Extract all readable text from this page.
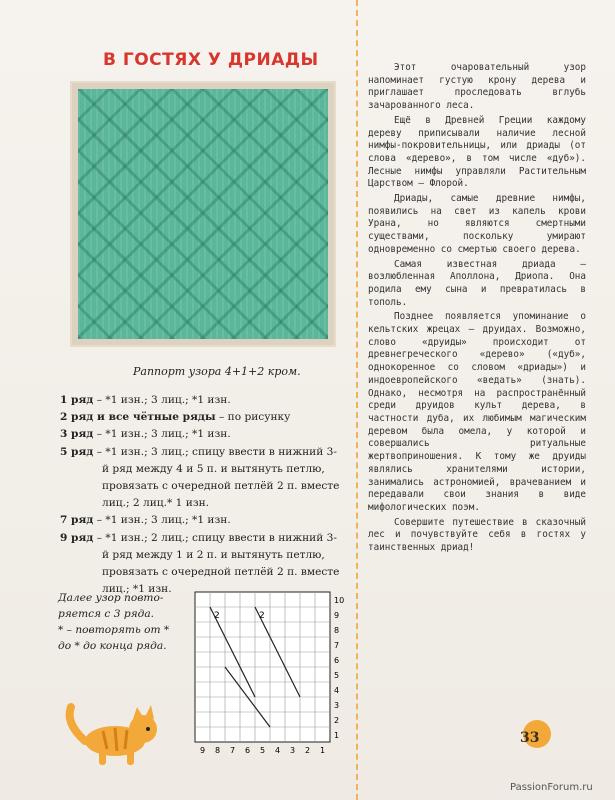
В ГОСТЯХ У ДРИАДЫ
Раппорт узора 4+1+2 кром.

1 ряд – *1 изн.; 3 лиц.; *1 изн.

2 ряд и все чётные ряды – по рисунку

3 ряд – *1 изн.; 3 лиц.; *1 изн.

5 ряд – *1 изн.; 3 лиц.; спицу ввести в нижний 3-й ряд между 4 и 5 п. и вытянуть петлю, провязать с очередной петлёй 2 п. вместе лиц.; 2 лиц.* 1 изн.

7 ряд – *1 изн.; 3 лиц.; *1 изн.

9 ряд – *1 изн.; 2 лиц.; спицу ввести в нижний 3-й ряд между 1 и 2 п. и вытянуть петлю, провязать с очередной петлёй 2 п. вместе лиц.; *1 изн.

Далее узор повто- ряется с 3 ряда.
* – повторять от *
до * до конца ряда.
10
9
8
7
6
5
4
3
2
1
9 8 7 6 5 4 3 2 1
2	2

Этот очаровательный узор напоминает густую крону дерева и приглашает проследовать вглубь зачарованного леса.

Ещё в Древней Греции каждому дереву приписывали наличие лесной нимфы-покровительницы, или дриады (от слова «дерево», в том числе «дуб»). Лесные нимфы управляли Растительным Царством – Флорой.

Дриады, самые древние нимфы, появились на свет из капель крови Урана, но являются смертными существами, поскольку умирают одновременно со смертью своего дерева.

Самая известная дриада – возлюбленная Аполлона, Дриопа. Она родила ему сына и превратилась в тополь.

Позднее появляется упоминание о кельтских жрецах – друидах. Возможно, слово «друиды» происходит от древнегреческого «дерево» («дуб», однокоренное со словом «дриады») и индоевропейского «ведать» (знать). Однако, несмотря на распространённый среди друидов культ дерева, в частности дуба, их любимым магическим деревом была омела, у которой и совершались ритуальные жертвоприношения. К тому же друиды являлись хранителями истории, занимались астрономией, врачеванием и передавали свои знания в виде мифологических поэм.

Совершите путешествие в сказочный лес и почувствуйте себя в гостях у таинственных дриад!

33
PassionForum.ru
